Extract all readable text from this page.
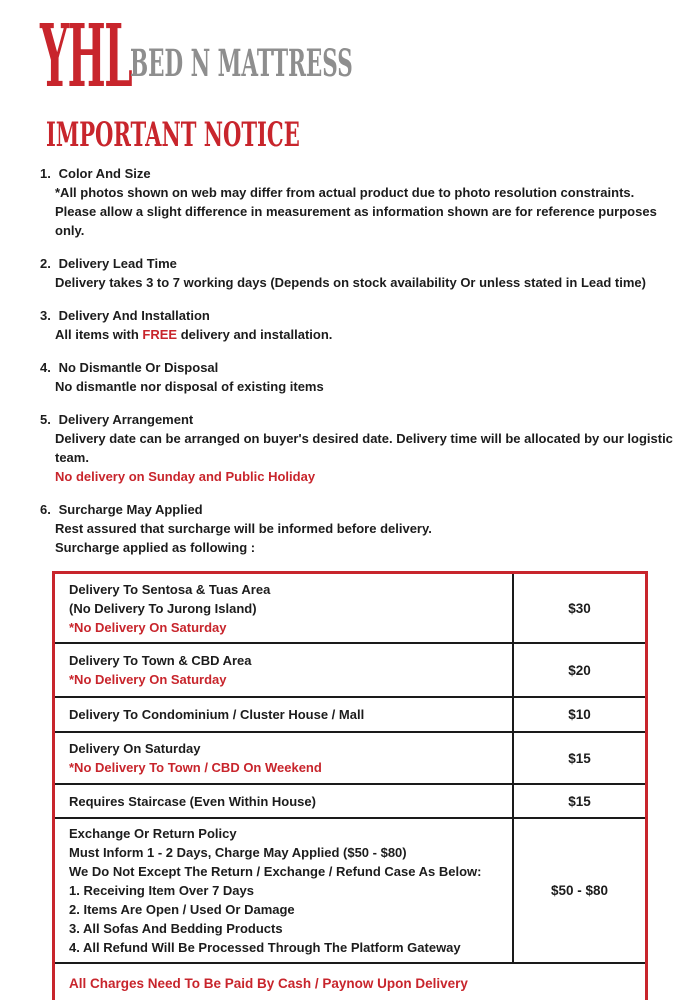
YHL
BED N MATTRESS
IMPORTANT NOTICE
1. Color And Size
*All photos shown on web may differ from actual product due to photo resolution constraints.
Please allow a slight difference in measurement as information shown are for reference purposes
only.
2. Delivery Lead Time
Delivery takes 3 to 7 working days (Depends on stock availability Or unless stated in Lead time)
3. Delivery And Installation
All items with FREE delivery and installation.
4. No Dismantle Or Disposal
No dismantle nor disposal of existing items
5. Delivery Arrangement
Delivery date can be arranged on buyer's desired date. Delivery time will be allocated by our logistic
team.
No delivery on Sunday and Public Holiday
6. Surcharge May Applied
Rest assured that surcharge will be informed before delivery.
Surcharge applied as following :
Delivery To Sentosa & Tuas Area
(No Delivery To Jurong Island)
*No Delivery On Saturday
$30
Delivery To Town & CBD Area
*No Delivery On Saturday
$20
Delivery To Condominium / Cluster House / Mall	$10
Delivery On Saturday
*No Delivery To Town / CBD On Weekend
$15
Requires Staircase (Even Within House)	$15
Exchange Or Return Policy
Must Inform 1 - 2 Days, Charge May Applied ($50 - $80)
We Do Not Except The Return / Exchange / Refund Case As Below:
1. Receiving Item Over 7 Days
2. Items Are Open / Used Or Damage
3. All Sofas And Bedding Products
4. All Refund Will Be Processed Through The Platform Gateway
$50 - $80
All Charges Need To Be Paid By Cash / Paynow Upon Delivery
